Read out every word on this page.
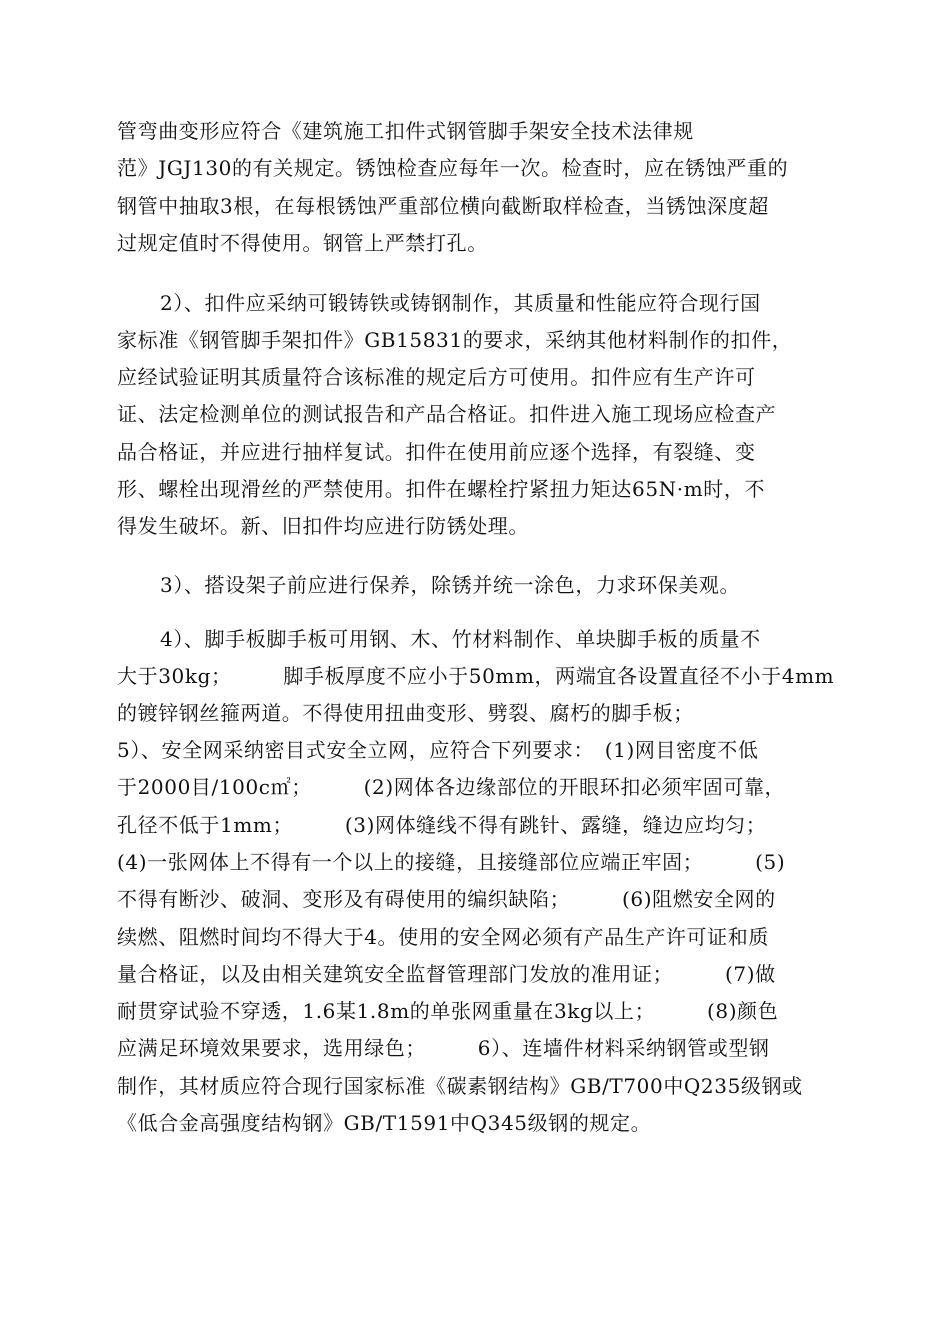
管弯曲变形应符合《建筑施工扣件式钢管脚手架安全技术法律规
范》JGJ130的有关规定。锈蚀检查应每年一次。检查时，应在锈蚀严重的
钢管中抽取3根，在每根锈蚀严重部位横向截断取样检查，当锈蚀深度超
过规定值时不得使用。钢管上严禁打孔。
2）、扣件应采纳可锻铸铁或铸钢制作，其质量和性能应符合现行国
家标准《钢管脚手架扣件》GB15831的要求，采纳其他材料制作的扣件，
应经试验证明其质量符合该标准的规定后方可使用。扣件应有生产许可
证、法定检测单位的测试报告和产品合格证。扣件进入施工现场应检查产
品合格证，并应进行抽样复试。扣件在使用前应逐个选择，有裂缝、变
形、螺栓出现滑丝的严禁使用。扣件在螺栓拧紧扭力矩达65N·m时，不
得发生破坏。新、旧扣件均应进行防锈处理。
3）、搭设架子前应进行保养，除锈并统一涂色，力求环保美观。
4）、脚手板脚手板可用钢、木、竹材料制作、单块脚手板的质量不
大于30kg；　　　脚手板厚度不应小于50mm，两端宜各设置直径不小于4mm
的镀锌钢丝箍两道。不得使用扭曲变形、劈裂、腐朽的脚手板；
5）、安全网采纳密目式安全立网，应符合下列要求：　(1)网目密度不低
于2000目/100c㎡；　　　(2)网体各边缘部位的开眼环扣必须牢固可靠，
孔径不低于1mm；　　　(3)网体缝线不得有跳针、露缝，缝边应均匀；
(4)一张网体上不得有一个以上的接缝，且接缝部位应端正牢固；　　　(5)
不得有断沙、破洞、变形及有碍使用的编织缺陷；　　　(6)阻燃安全网的
续燃、阻燃时间均不得大于4。使用的安全网必须有产品生产许可证和质
量合格证，以及由相关建筑安全监督管理部门发放的准用证；　　　(7)做
耐贯穿试验不穿透，1.6某1.8m的单张网重量在3kg以上；　　　(8)颜色
应满足环境效果要求，选用绿色；　　　6）、连墙件材料采纳钢管或型钢
制作，其材质应符合现行国家标准《碳素钢结构》GB/T700中Q235级钢或
《低合金高强度结构钢》GB/T1591中Q345级钢的规定。
